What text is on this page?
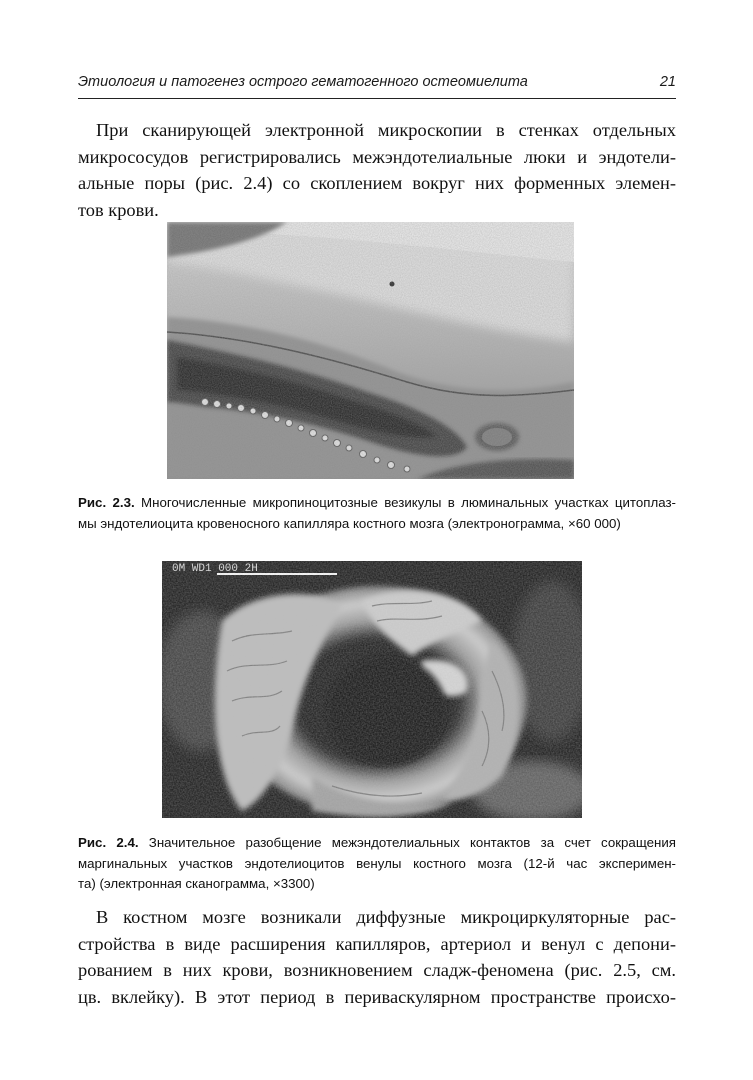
Этиология и патогенез острого гематогенного остеомиелита	21
При сканирующей электронной микроскопии в стенках отдельных
микрососудов регистрировались межэндотелиальные люки и эндотели-
альные поры (рис. 2.4) со скоплением вокруг них форменных элемен-
тов крови.
Рис. 2.3. Многочисленные микропиноцитозные везикулы в люминальных участках цитоплаз-
мы эндотелиоцита кровеносного капилляра костного мозга (электронограмма, ×60 000)
Рис. 2.4. Значительное разобщение межэндотелиальных контактов за счет сокращения
маргинальных участков эндотелиоцитов венулы костного мозга (12-й час эксперимен-
та) (электронная сканограмма, ×3300)
В костном мозге возникали диффузные микроциркуляторные рас-
стройства в виде расширения капилляров, артериол и венул с депони-
рованием в них крови, возникновением сладж-феномена (рис. 2.5, см.
цв. вклейку). В этот период в периваскулярном пространстве происхо-
